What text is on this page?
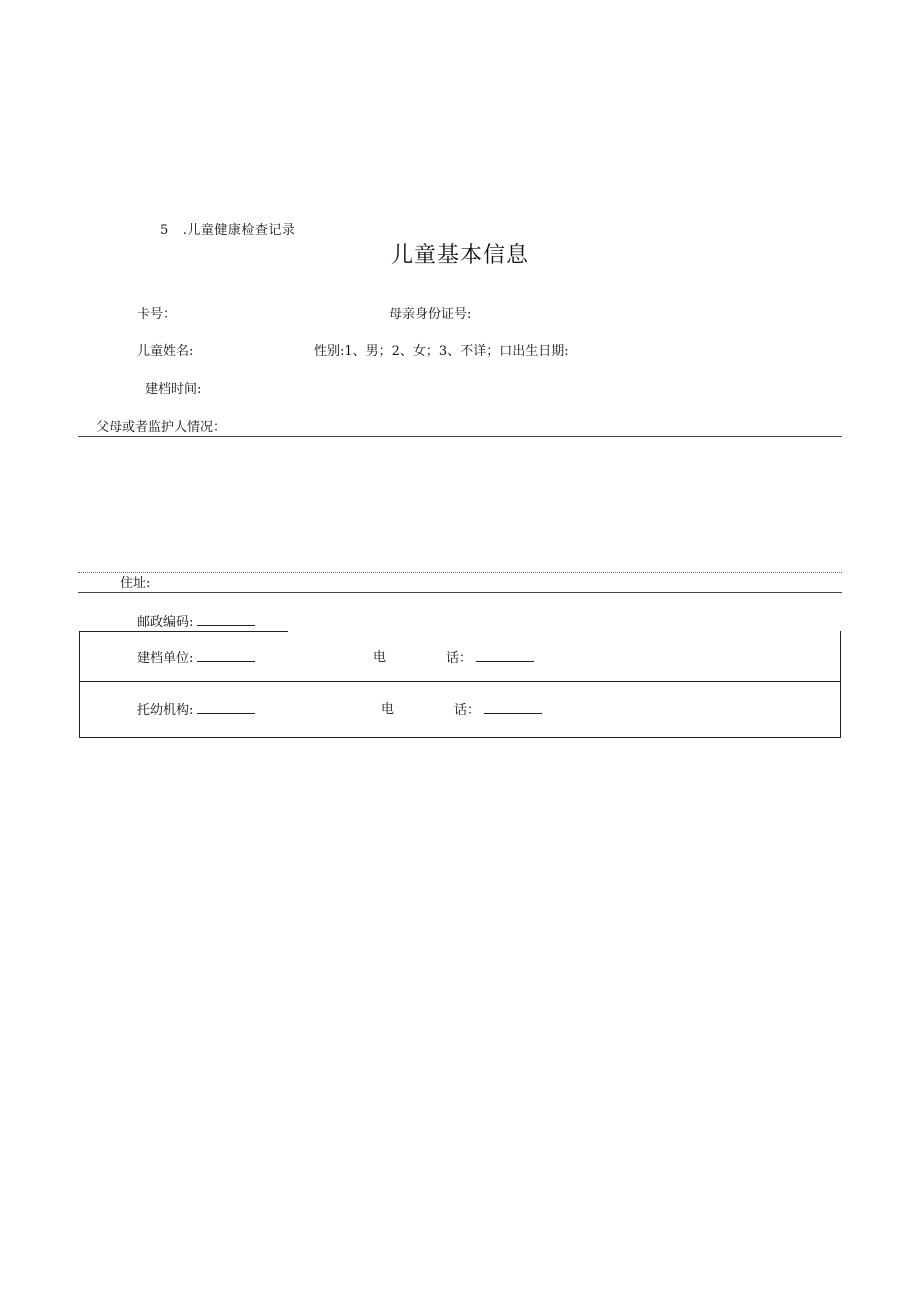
5 .儿童健康检查记录
儿童基本信息
卡号：	母亲身份证号:
儿童姓名:	性别:1、男；2、女；3、不详；口出生日期:
建档时间:
父母或者监护人情况：
住址:
邮政编码:
建档单位:	电	话：
托幼机构:	电	话：
